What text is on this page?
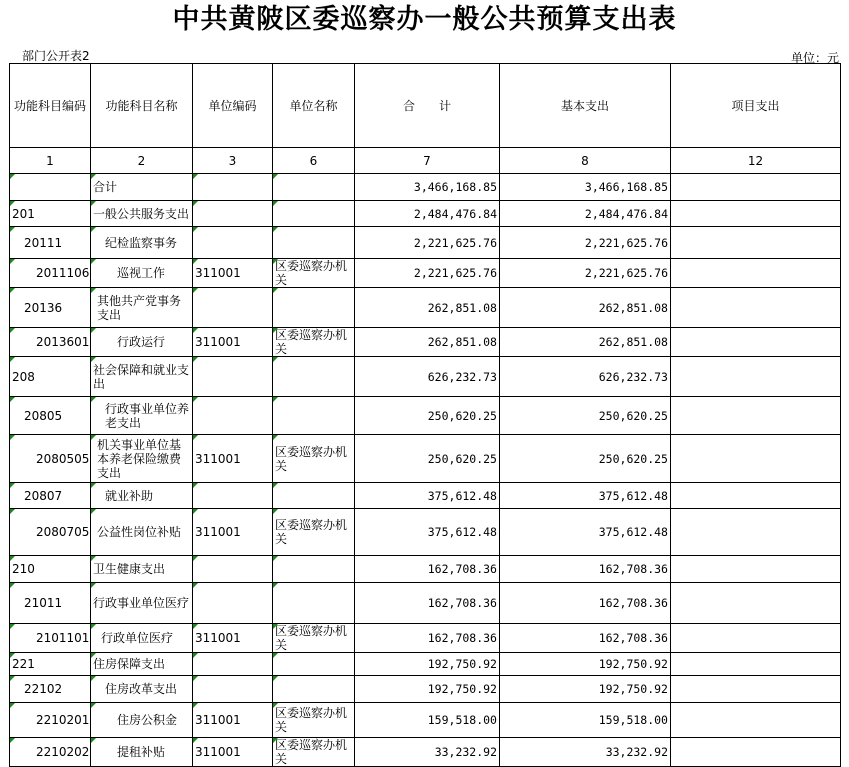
中共黄陂区委巡察办一般公共预算支出表
部门公开表2	单位：元
功能科目编码	功能科目名称	单位编码	单位名称	合　　计	基本支出	项目支出
1	2	3	6	7	8	12

	合计			3,466,168.85	3,466,168.85	

201	一般公共服务支出			2,484,476.84	2,484,476.84	

20111	纪检监察事务			2,221,625.76	2,221,625.76	

2011106	巡视工作	311001	区委巡察办机关	2,221,625.76	2,221,625.76	

20136	其他共产党事务支出			262,851.08	262,851.08	

2013601	行政运行	311001	区委巡察办机关	262,851.08	262,851.08	

208	社会保障和就业支出			626,232.73	626,232.73	

20805	行政事业单位养老支出			250,620.25	250,620.25	

2080505	机关事业单位基本养老保险缴费支出	311001	区委巡察办机关	250,620.25	250,620.25	

20807	就业补助			375,612.48	375,612.48	

2080705	公益性岗位补贴	311001	区委巡察办机关	375,612.48	375,612.48	

210	卫生健康支出			162,708.36	162,708.36	

21011	行政事业单位医疗			162,708.36	162,708.36	

2101101	行政单位医疗	311001	区委巡察办机关	162,708.36	162,708.36	

221	住房保障支出			192,750.92	192,750.92	

22102	住房改革支出			192,750.92	192,750.92	

2210201	住房公积金	311001	区委巡察办机关	159,518.00	159,518.00	

2210202	提租补贴	311001	区委巡察办机关	33,232.92	33,232.92	
